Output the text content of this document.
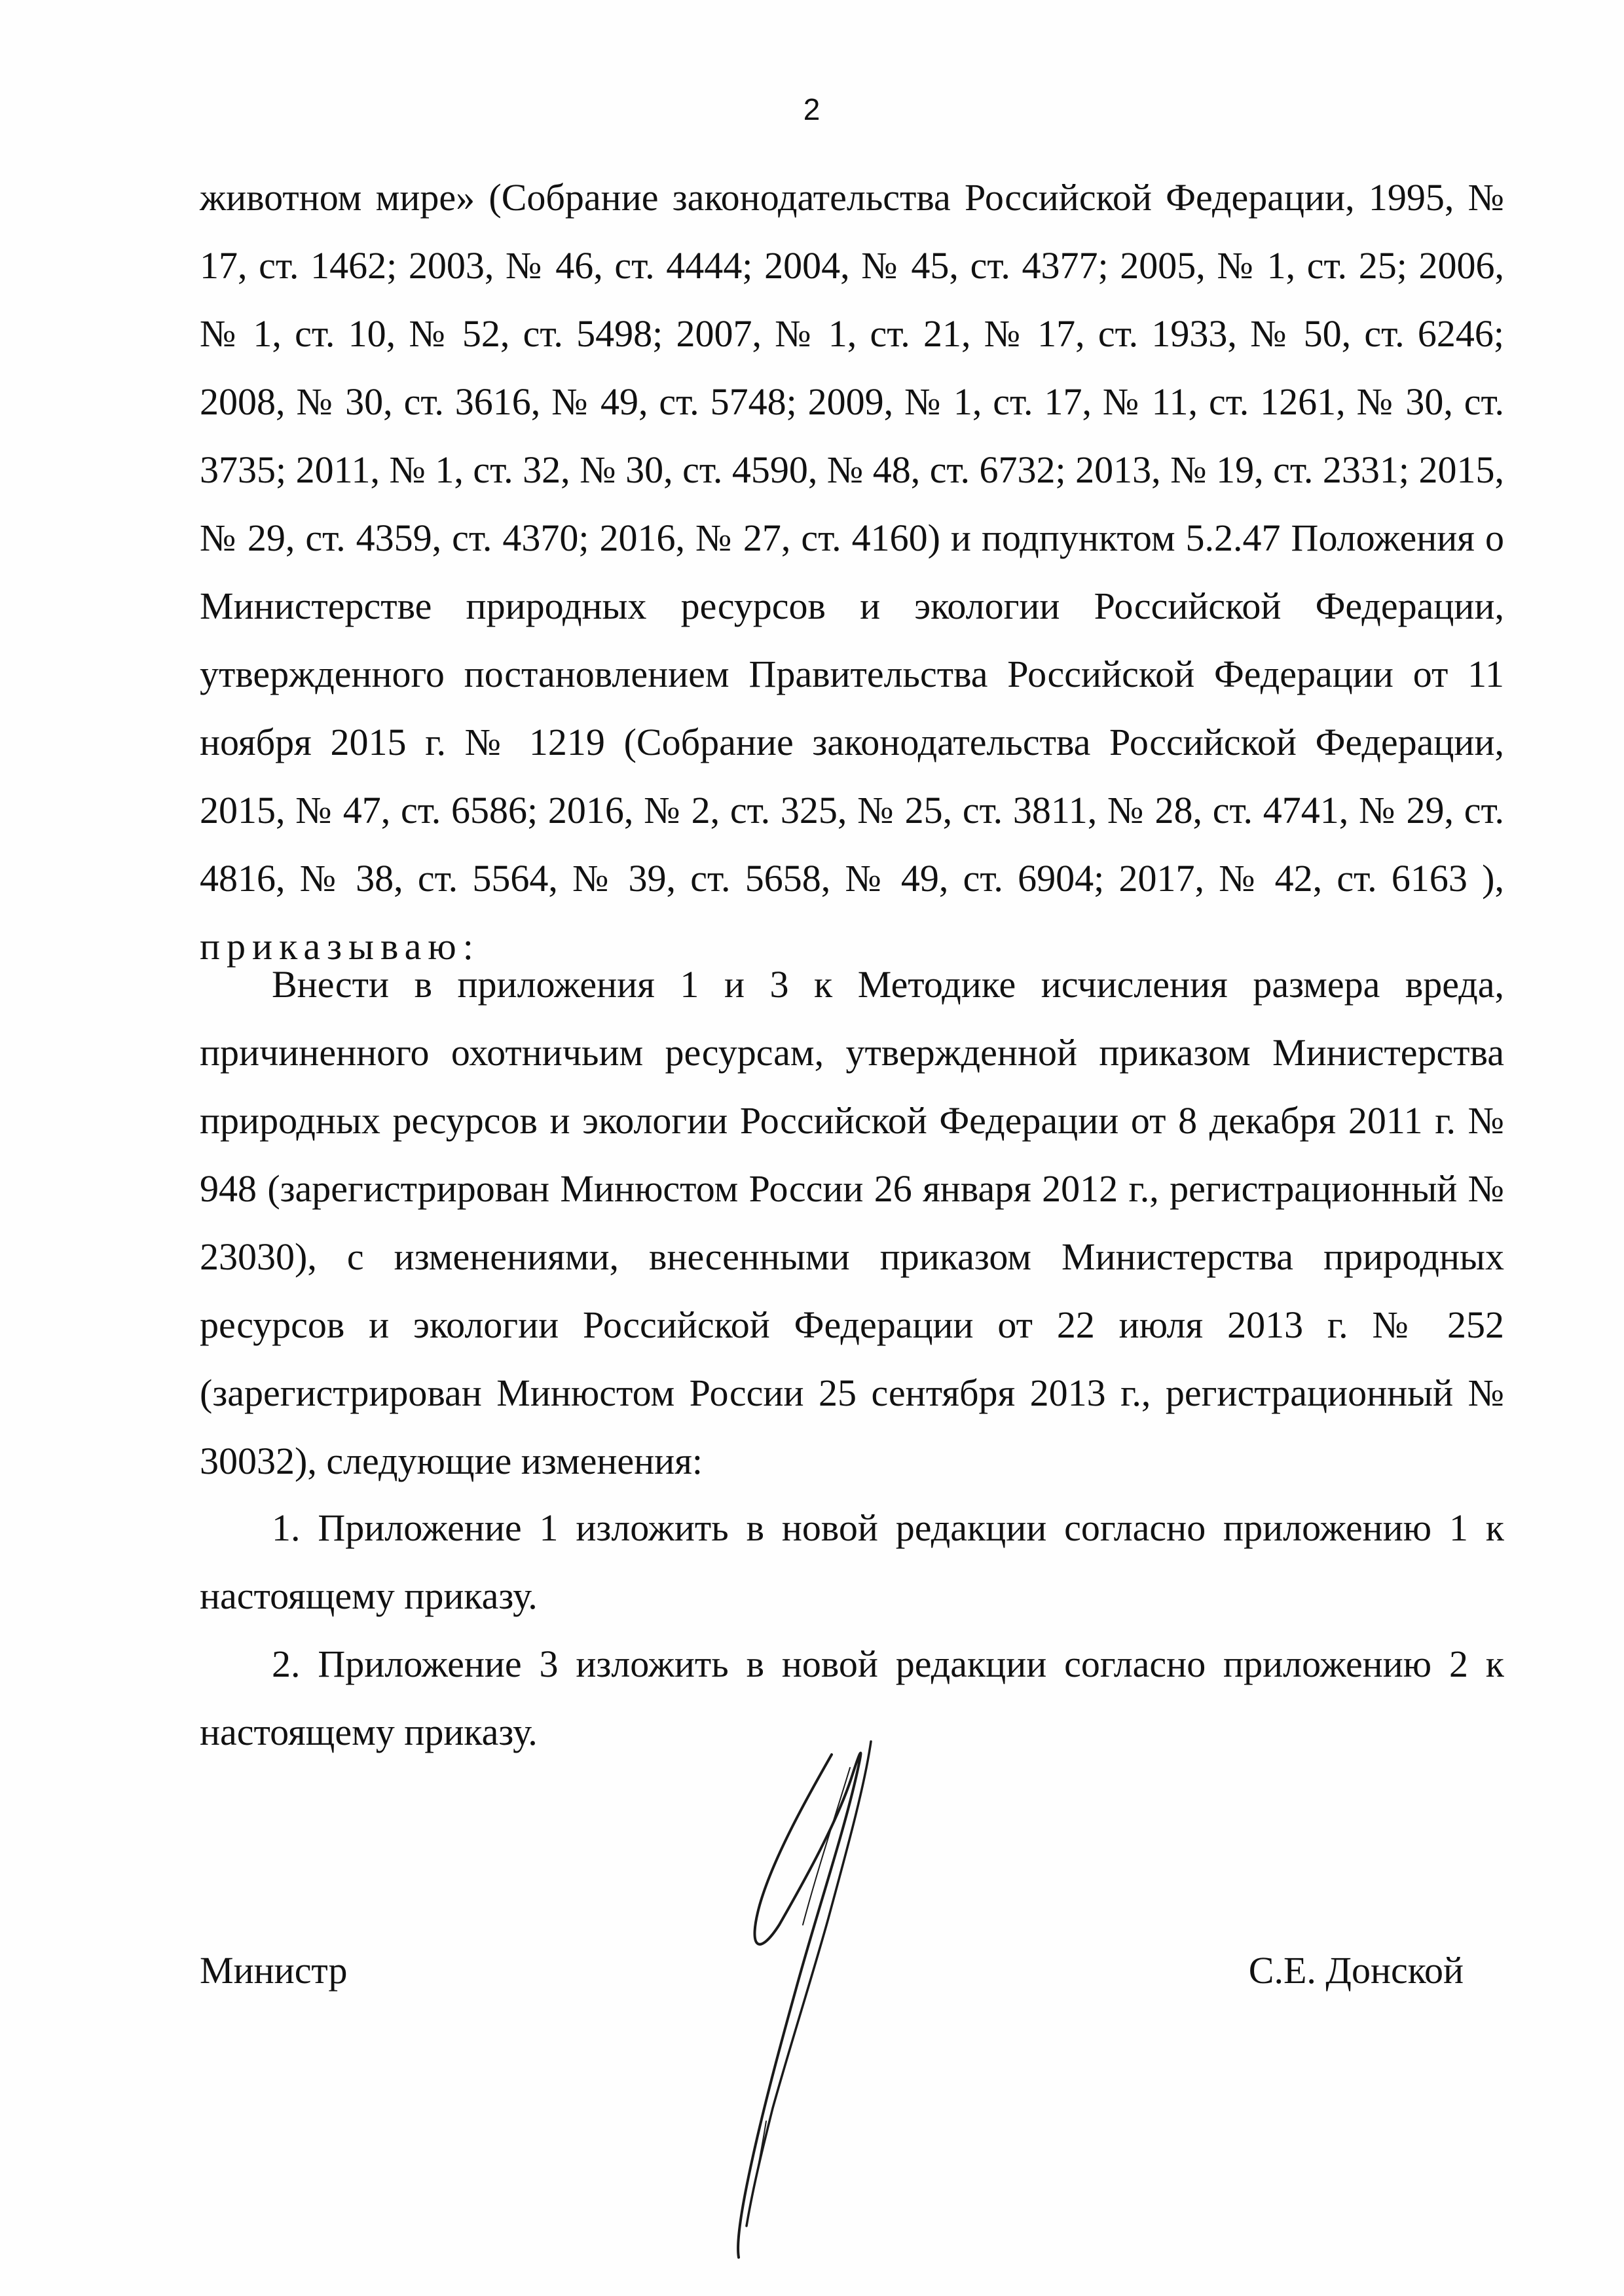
2

животном мире» (Собрание законодательства Российской Федерации, 1995, № 17, ст. 1462; 2003, № 46, ст. 4444; 2004, № 45, ст. 4377; 2005, № 1, ст. 25; 2006, № 1, ст. 10, № 52, ст. 5498; 2007, № 1, ст. 21, № 17, ст. 1933, № 50, ст. 6246; 2008, № 30, ст. 3616, № 49, ст. 5748; 2009, № 1, ст. 17, № 11, ст. 1261, № 30, ст. 3735; 2011, № 1, ст. 32, № 30, ст. 4590, № 48, ст. 6732; 2013, № 19, ст. 2331; 2015, № 29, ст. 4359, ст. 4370; 2016, № 27, ст. 4160) и подпунктом 5.2.47 Положения о Министерстве природных ресурсов и экологии Российской Федерации, утвержденного постановлением Правительства Российской Федерации от 11 ноября 2015 г. № 1219 (Собрание законодательства Российской Федерации, 2015, № 47, ст. 6586; 2016, № 2, ст. 325, № 25, ст. 3811, № 28, ст. 4741, № 29, ст. 4816, № 38, ст. 5564, № 39, ст. 5658, № 49, ст. 6904; 2017, № 42, ст. 6163 ), приказываю:

Внести в приложения 1 и 3 к Методике исчисления размера вреда, причиненного охотничьим ресурсам, утвержденной приказом Министерства природных ресурсов и экологии Российской Федерации от 8 декабря 2011 г. № 948 (зарегистрирован Минюстом России 26 января 2012 г., регистрационный № 23030), с изменениями, внесенными приказом Министерства природных ресурсов и экологии Российской Федерации от 22 июля 2013 г. № 252 (зарегистрирован Минюстом России 25 сентября 2013 г., регистрационный № 30032), следующие изменения:

1. Приложение 1 изложить в новой редакции согласно приложению 1 к настоящему приказу.

2. Приложение 3 изложить в новой редакции согласно приложению 2 к настоящему приказу.

Министр	С.Е. Донской
